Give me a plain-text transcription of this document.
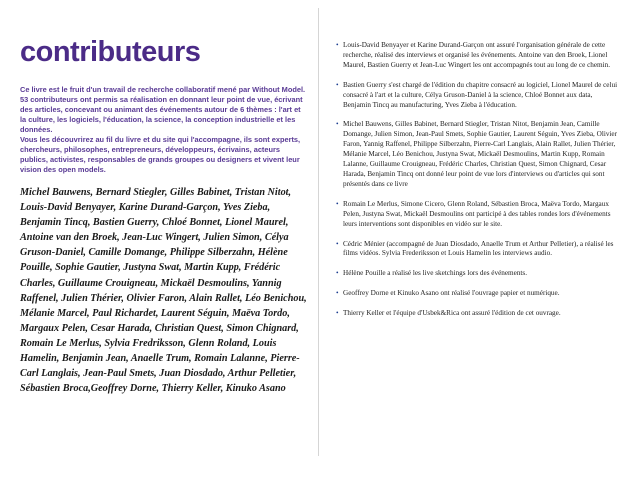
contributeurs

Ce livre est le fruit d'un travail de recherche collaboratif mené par Without Model. 53 contributeurs ont permis sa réalisation en donnant leur point de vue, écrivant des articles, concevant ou animant des événements autour de 6 thèmes : l'art et la culture, les logiciels, l'éducation, la science, la conception industrielle et les données.

Vous les découvrirez au fil du livre et du site qui l'accompagne, ils sont experts, chercheurs, philosophes, entrepreneurs, développeurs, écrivains, acteurs publics, activistes, responsables de grands groupes ou designers et vivent leur vision des open models.

Michel Bauwens, Bernard Stiegler, Gilles Babinet, Tristan Nitot, Louis-David Benyayer, Karine Durand-Garçon, Yves Zieba, Benjamin Tincq, Bastien Guerry, Chloé Bonnet, Lionel Maurel, Antoine van den Broek, Jean-Luc Wingert, Julien Simon, Célya Gruson-Daniel, Camille Domange, Philippe Silberzahn, Hélène Pouille, Sophie Gautier, Justyna Swat, Martin Kupp, Frédéric Charles, Guillaume Crouigneau, Mickaël Desmoulins, Yannig Raffenel, Julien Thérier, Olivier Faron, Alain Rallet, Léo Benichou, Mélanie Marcel, Paul Richardet, Laurent Séguin, Maëva Tordo, Margaux Pelen, Cesar Harada, Christian Quest, Simon Chignard, Romain Le Merlus, Sylvia Fredriksson, Glenn Roland, Louis Hamelin, Benjamin Jean, Anaelle Trum, Romain Lalanne, Pierre-Carl Langlais, Jean-Paul Smets, Juan Diosdado, Arthur Pelletier, Sébastien Broca,Geoffrey Dorne, Thierry Keller, Kinuko Asano

• Louis-David Benyayer et Karine Durand-Garçon ont assuré l'organisation générale de cette recherche, réalisé des interviews et organisé les événements. Antoine van den Broek, Lionel Maurel, Bastien Guerry et Jean-Luc Wingert les ont accompagnés tout au long de ce chemin.
• Bastien Guerry s'est chargé de l'édition du chapitre consacré au logiciel, Lionel Maurel de celui consacré à l'art et la culture, Célya Gruson-Daniel à la science, Chloé Bonnet aux data, Benjamin Tincq au manufacturing, Yves Zieba à l'éducation.
• Michel Bauwens, Gilles Babinet, Bernard Stiegler, Tristan Nitot, Benjamin Jean, Camille Domange, Julien Simon, Jean-Paul Smets, Sophie Gautier, Laurent Séguin, Yves Zieba, Olivier Faron, Yannig Raffenel, Philippe Silberzahn, Pierre-Carl Langlais, Alain Rallet, Julien Thérier, Mélanie Marcel, Léo Benichou, Justyna Swat, Mickaël Desmoulins, Martin Kupp, Romain Lalanne, Guillaume Crouigneau, Frédéric Charles, Christian Quest, Simon Chignard, Cesar Harada, Benjamin Tincq ont donné leur point de vue lors d'interviews ou d'articles qui sont présentés dans ce livre
• Romain Le Merlus, Simone Cicero, Glenn Roland, Sébastien Broca, Maëva Tordo, Margaux Pelen, Justyna Swat, Mickaël Desmoulins ont participé à des tables rondes lors d'événements leurs interventions sont disponibles en vidéo sur le site.
• Cédric Ménier (accompagné de Juan Diosdado, Anaelle Trum et Arthur Pelletier), a réalisé les films vidéos. Sylvia Frederiksson et Louis Hamelin les interviews audio.
• Hélène Pouille a réalisé les live sketchings lors des événements.
• Geoffrey Dorne et Kinuko Asano ont réalisé l'ouvrage papier et numérique.
• Thierry Keller et l'équipe d'Usbek&Rica ont assuré l'édition de cet ouvrage.
